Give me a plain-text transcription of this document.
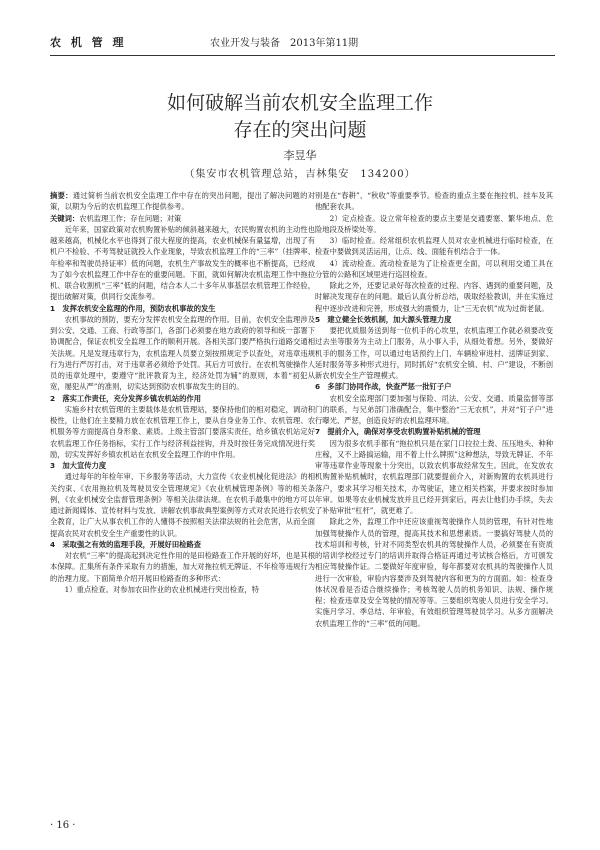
农 机 管 理	农业开发与装备　2013年第11期
如何破解当前农机安全监理工作
存在的突出问题
李昱华
（集安市农机管理总站，吉林集安　134200）

摘要：通过简析当前农机安全监理工作中存在的突出问题，提出了解决问题的对策，以期为今后的农机监理工作提供参考。

关键词：农机监理工作；存在问题；对策

近年来，国家政策对农机购置补贴的倾斜越来越大，农民购置农机的主动性也越来越高，机械化水平也得到了很大程度的提高，农业机械保有量猛增，出现了有机户不检验、不考驾驶证就投入作业现象，导致农机监理工作的“三率”（挂牌率、年检率和驾驶员持证率）低的问题，农机生产事故发生的概率也不断提高，已经成为了如今农机监理工作中存在的重要问题。下面，就如何解决农机监理工作中拖拉机、联合收割机“三率”低的问题，结合本人二十多年从事基层农机管理工作经验，提出破解对策，供同行交流参考。

1　发挥农机安全监理的作用，预防农机事故的发生

农机事故的预防，要充分发挥农机安全监理的作用。目前，农机安全监理涉及到公安、交通、工商、行政等部门，各部门必须要在地方政府的领导和统一部署下协调配合，保证农机安全监理工作的顺利开展。各相关部门要严格执行道路交通相关法规。凡是发现违章行为，农机监理人员要立刻按照规定予以查处，对违章违规行为进行严厉打击，对于违章者必须给予处罚。其后方可放行。在农机驾驶操作人员的违章处理中，要遵守“批评教育为主，经济处罚为辅”的原则，本着“初犯从宽，屡犯从严”的准则，切实达到预防农机事故发生的目的。

2　落实工作责任，充分发挥乡镇农机站的作用

实施乡村农机管理的主要载体是农机管理站，要保持他们的相对稳定，调动积极性，让他们在主要精力放在农机管理工作上，要从自身业务工作、农机管理、农机服务等方面提高自身形象、素质。上级主管部门要落实责任，给乡镇农机站定好农机监理工作任务指标，实行工作与经济利益挂钩，并及时按任务完成情况进行奖励，切实发挥好乡镇农机站在农机安全监理工作的中作用。

3　加大宣传力度

通过每年的年检年审、下乡服务等活动，大力宣传《农业机械化促进法》的相关约束、《农用拖拉机及驾驶员安全管理规定》《农业机械管理条例》等的相关条例，《农业机械安全监督管理条例》等相关法律法规。在农机手最集中的地方可以通过新闻媒体、宣传材料与发放、讲解农机事故典型案例等方式对农民进行农机安全教育，让广大从事农机工作的人懂得不按照相关法律法规的社会危害，从而全面提高农民对农机安全生产重要性的认识。

4　采取强之有效的监理手段，开展好田检路查

对农机“三率”的提高起到决定性作用的是田检路查工作开展的好坏，也是其根本保障。汇集所有条件采取有力的措施，加大对拖拉机无牌证、不年检等违规行为的治理力度。下面简单介绍开展田检路查的多种形式：

1）重点检查。对参加农田作业的农业机械进行突出检查，特

别是在“春耕”、“秋收”等重要季节。检查的重点主要在拖拉机、挂车及其他配套农具。

2）定点检查。设立常年检查的要点主要是交通要塞、繁华地点、危险地段及桥梁处等。

3）临时检查。经常组织农机监理人员对农业机械进行临时检查，在检查中要做到灵活运用，让点、线、面能有机结合于一体。

4）流动检查。流动检查是为了让检查更全面，可以利用交通工具在分管的公路和区域里进行巡回检查。

除此之外，还要记录好每次检查的过程、内容、遇到的重要问题，及时解决发现存在的问题。最后认真分析总结，吸取经验教训，并在实施过程中逐步改进和完善，形成强大的震慑力，让“三无农机”成为过街老鼠。

5　建立健全长效机制，加大源头管理力度

要把优质服务送到每一位机手的心坎里，农机监理工作就必须要改变过去坐等服务为主动上门服务，从小事入手，从细处着想。另外，要做好机手的服务工作，可以通过电话预约上门、车辆检审进村、送牌证到家、延时服务等多种形式进行，同时抓好“农机安全镇、村、户”建设，不断创新农机安全生产管理模式。

6　多部门协同作战，快查严惩一批钉子户

农机安全监理部门要加强与保险、司法、公安、交通、质量监督等部门的联系，与兄弟部门准确配合，集中整治“三无农机”，并对“钉子户”进行曝光、严惩，创造良好的农机监理环境。

7　提前介入，确保对享受农机购置补贴机械的管理

因为很多农机手都有“拖拉机只是在家门口拉拉土粪、压压地头、种种庄稼，又不上路搞运输，用不着上什么牌照”这种想法，导致无牌证、不年审等违章作业等现象十分突出，以致农机事故经常发生。因此，在发放农机购置补贴机械时，农机监理部门就要提前介入，对新购置的农机具进行落户，要求其学习相关技术，办驾驶证，建立相关档案，并要求按时参加年审。如果等农业机械发放并且已经开到家后，再去让他们办手续，失去了补贴审批“杠杆”，就更难了。

除此之外，监理工作中还应该重视驾驶操作人员的管理，有针对性地加强驾驶操作人员的管理，提高其技术和思想素质。一要搞好驾驶人员的技术培训和考核，针对不同类型农机具的驾驶操作人员，必须要在有资质的培训学校经过专门的培训并取得合格证再通过考试核合格后，方可颁发相应驾驶操作证。二要做好年度审验，每年都要对农机具的驾驶操作人员进行一次审验，审验内容要涉及到驾驶内容和更为的方面面。如：检查身体状况看是否适合继续操作；考核驾驶人员的机务知识、法规、操作规程；检查违章及安全驾驶的情况等等。三要组织驾驶人员进行安全学习。实施月学习、季总结、年审验，有效组织管理驾驶员学习。从多方面解决农机监理工作的“三率”低的问题。

· 16 ·
